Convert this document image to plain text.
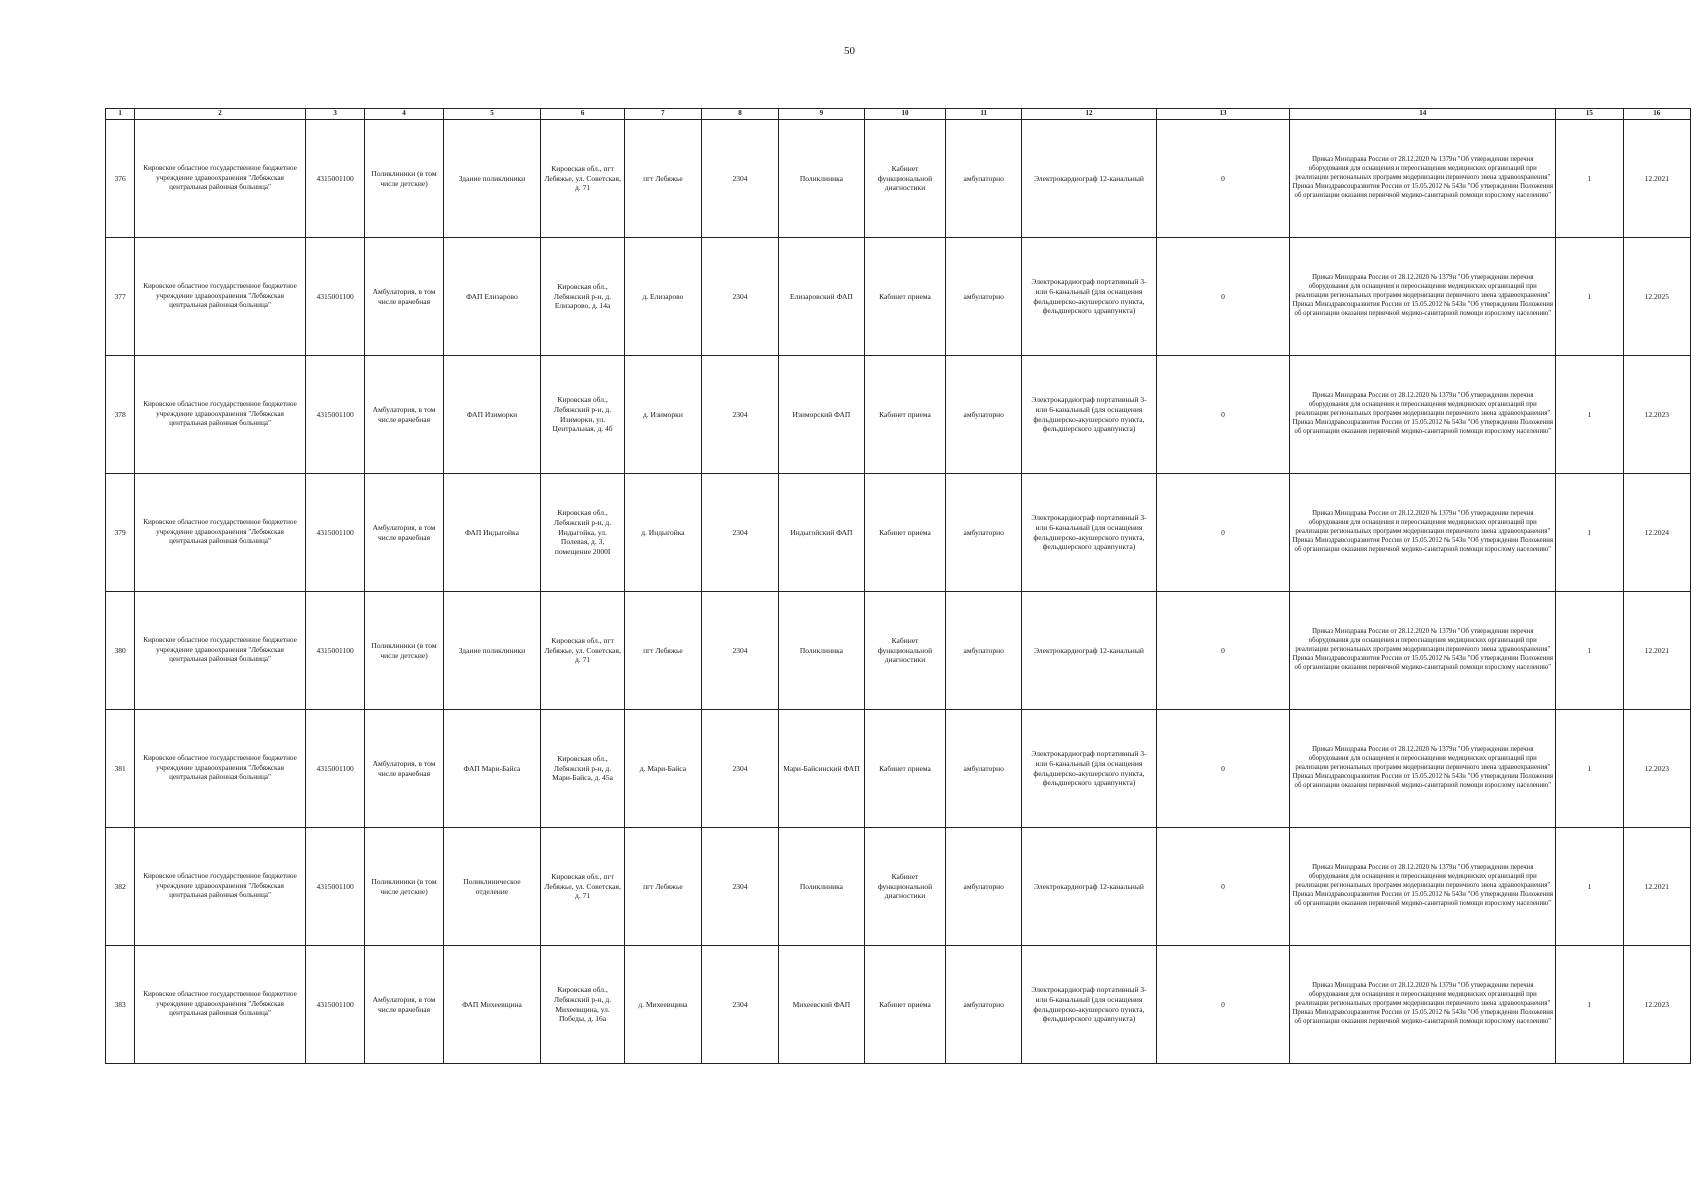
50
1	2	3	4	5	6	7	8	9	10	11	12	13	14	15	16
376	Кировское областное государственное бюджетное учреждение здравоохранения "Лебяжская центральная районная больница"	4315001100	Поликлиники (в том числе детские)	Здание поликлиники	Кировская обл., пгт Лебяжье, ул. Советская, д. 71	пгт Лебяжье	2304	Поликлиника	Кабинет функциональной диагностики	амбулаторно	Электрокардиограф 12-канальный	0	Приказ Минздрава России от 28.12.2020 № 1379н "Об утверждении перечня оборудования для оснащения и переоснащения медицинских организаций при реализации региональных программ модернизации первичного звена здравоохранения" Приказ Минздравсоцразвития России от 15.05.2012 № 543н "Об утверждении Положения об организации оказания первичной медико-санитарной помощи взрослому населению"	1	12.2021
377	Кировское областное государственное бюджетное учреждение здравоохранения "Лебяжская центральная районная больница"	4315001100	Амбулатория, в том числе врачебная	ФАП Елизарово	Кировская обл., Лебяжский р-н, д. Елизарово, д. 14а	д. Елизарово	2304	Елизаровский ФАП	Кабинет приема	амбулаторно	Электрокардиограф портативный 3- или 6-канальный (для оснащения фельдшерско-акушерского пункта, фельдшерского здравпункта)	0	Приказ Минздрава России от 28.12.2020 № 1379н "Об утверждении перечня оборудования для оснащения и переоснащения медицинских организаций при реализации региональных программ модернизации первичного звена здравоохранения" Приказ Минздравсоцразвития России от 15.05.2012 № 543н "Об утверждении Положения об организации оказания первичной медико-санитарной помощи взрослому населению"	1	12.2025
378	Кировское областное государственное бюджетное учреждение здравоохранения "Лебяжская центральная районная больница"	4315001100	Амбулатория, в том числе врачебная	ФАП Изиморки	Кировская обл., Лебяжский р-н, д. Изиморки, ул. Центральная, д. 4б	д. Изиморки	2304	Изиморский ФАП	Кабинет приема	амбулаторно	Электрокардиограф портативный 3- или 6-канальный (для оснащения фельдшерско-акушерского пункта, фельдшерского здравпункта)	0	Приказ Минздрава России от 28.12.2020 № 1379н "Об утверждении перечня оборудования для оснащения и переоснащения медицинских организаций при реализации региональных программ модернизации первичного звена здравоохранения" Приказ Минздравсоцразвития России от 15.05.2012 № 543н "Об утверждении Положения об организации оказания первичной медико-санитарной помощи взрослому населению"	1	12.2023
379	Кировское областное государственное бюджетное учреждение здравоохранения "Лебяжская центральная районная больница"	4315001100	Амбулатория, в том числе врачебная	ФАП Индыгойка	Кировская обл., Лебяжский р-н, д. Индыгойка, ул. Полевая, д. 3, помещение 2000I	д. Индыгойка	2304	Индыгойский ФАП	Кабинет приема	амбулаторно	Электрокардиограф портативный 3- или 6-канальный (для оснащения фельдшерско-акушерского пункта, фельдшерского здравпункта)	0	Приказ Минздрава России от 28.12.2020 № 1379н "Об утверждении перечня оборудования для оснащения и переоснащения медицинских организаций при реализации региональных программ модернизации первичного звена здравоохранения" Приказ Минздравсоцразвития России от 15.05.2012 № 543н "Об утверждении Положения об организации оказания первичной медико-санитарной помощи взрослому населению"	1	12.2024
380	Кировское областное государственное бюджетное учреждение здравоохранения "Лебяжская центральная районная больница"	4315001100	Поликлиники (в том числе детские)	Здание поликлиники	Кировская обл., пгт Лебяжье, ул. Советская, д. 71	пгт Лебяжье	2304	Поликлиника	Кабинет функциональной диагностики	амбулаторно	Электрокардиограф 12-канальный	0	Приказ Минздрава России от 28.12.2020 № 1379н "Об утверждении перечня оборудования для оснащения и переоснащения медицинских организаций при реализации региональных программ модернизации первичного звена здравоохранения" Приказ Минздравсоцразвития России от 15.05.2012 № 543н "Об утверждении Положения об организации оказания первичной медико-санитарной помощи взрослому населению"	1	12.2021
381	Кировское областное государственное бюджетное учреждение здравоохранения "Лебяжская центральная районная больница"	4315001100	Амбулатория, в том числе врачебная	ФАП Мари-Байса	Кировская обл., Лебяжский р-н, д. Мари-Байса, д. 45а	д. Мари-Байса	2304	Мари-Байсинский ФАП	Кабинет приема	амбулаторно	Электрокардиограф портативный 3- или 6-канальный (для оснащения фельдшерско-акушерского пункта, фельдшерского здравпункта)	0	Приказ Минздрава России от 28.12.2020 № 1379н "Об утверждении перечня оборудования для оснащения и переоснащения медицинских организаций при реализации региональных программ модернизации первичного звена здравоохранения" Приказ Минздравсоцразвития России от 15.05.2012 № 543н "Об утверждении Положения об организации оказания первичной медико-санитарной помощи взрослому населению"	1	12.2023
382	Кировское областное государственное бюджетное учреждение здравоохранения "Лебяжская центральная районная больница"	4315001100	Поликлиники (в том числе детские)	Поликлиническое отделение	Кировская обл., пгт Лебяжье, ул. Советская, д. 71	пгт Лебяжье	2304	Поликлиника	Кабинет функциональной диагностики	амбулаторно	Электрокардиограф 12-канальный	0	Приказ Минздрава России от 28.12.2020 № 1379н "Об утверждении перечня оборудования для оснащения и переоснащения медицинских организаций при реализации региональных программ модернизации первичного звена здравоохранения" Приказ Минздравсоцразвития России от 15.05.2012 № 543н "Об утверждении Положения об организации оказания первичной медико-санитарной помощи взрослому населению"	1	12.2021
383	Кировское областное государственное бюджетное учреждение здравоохранения "Лебяжская центральная районная больница"	4315001100	Амбулатория, в том числе врачебная	ФАП Михеевщина	Кировская обл., Лебяжский р-н, д. Михеевщина, ул. Победы, д. 16а	д. Михеевщина	2304	Михеевский ФАП	Кабинет приема	амбулаторно	Электрокардиограф портативный 3- или 6-канальный (для оснащения фельдшерско-акушерского пункта, фельдшерского здравпункта)	0	Приказ Минздрава России от 28.12.2020 № 1379н "Об утверждении перечня оборудования для оснащения и переоснащения медицинских организаций при реализации региональных программ модернизации первичного звена здравоохранения" Приказ Минздравсоцразвития России от 15.05.2012 № 543н "Об утверждении Положения об организации оказания первичной медико-санитарной помощи взрослому населению"	1	12.2023
